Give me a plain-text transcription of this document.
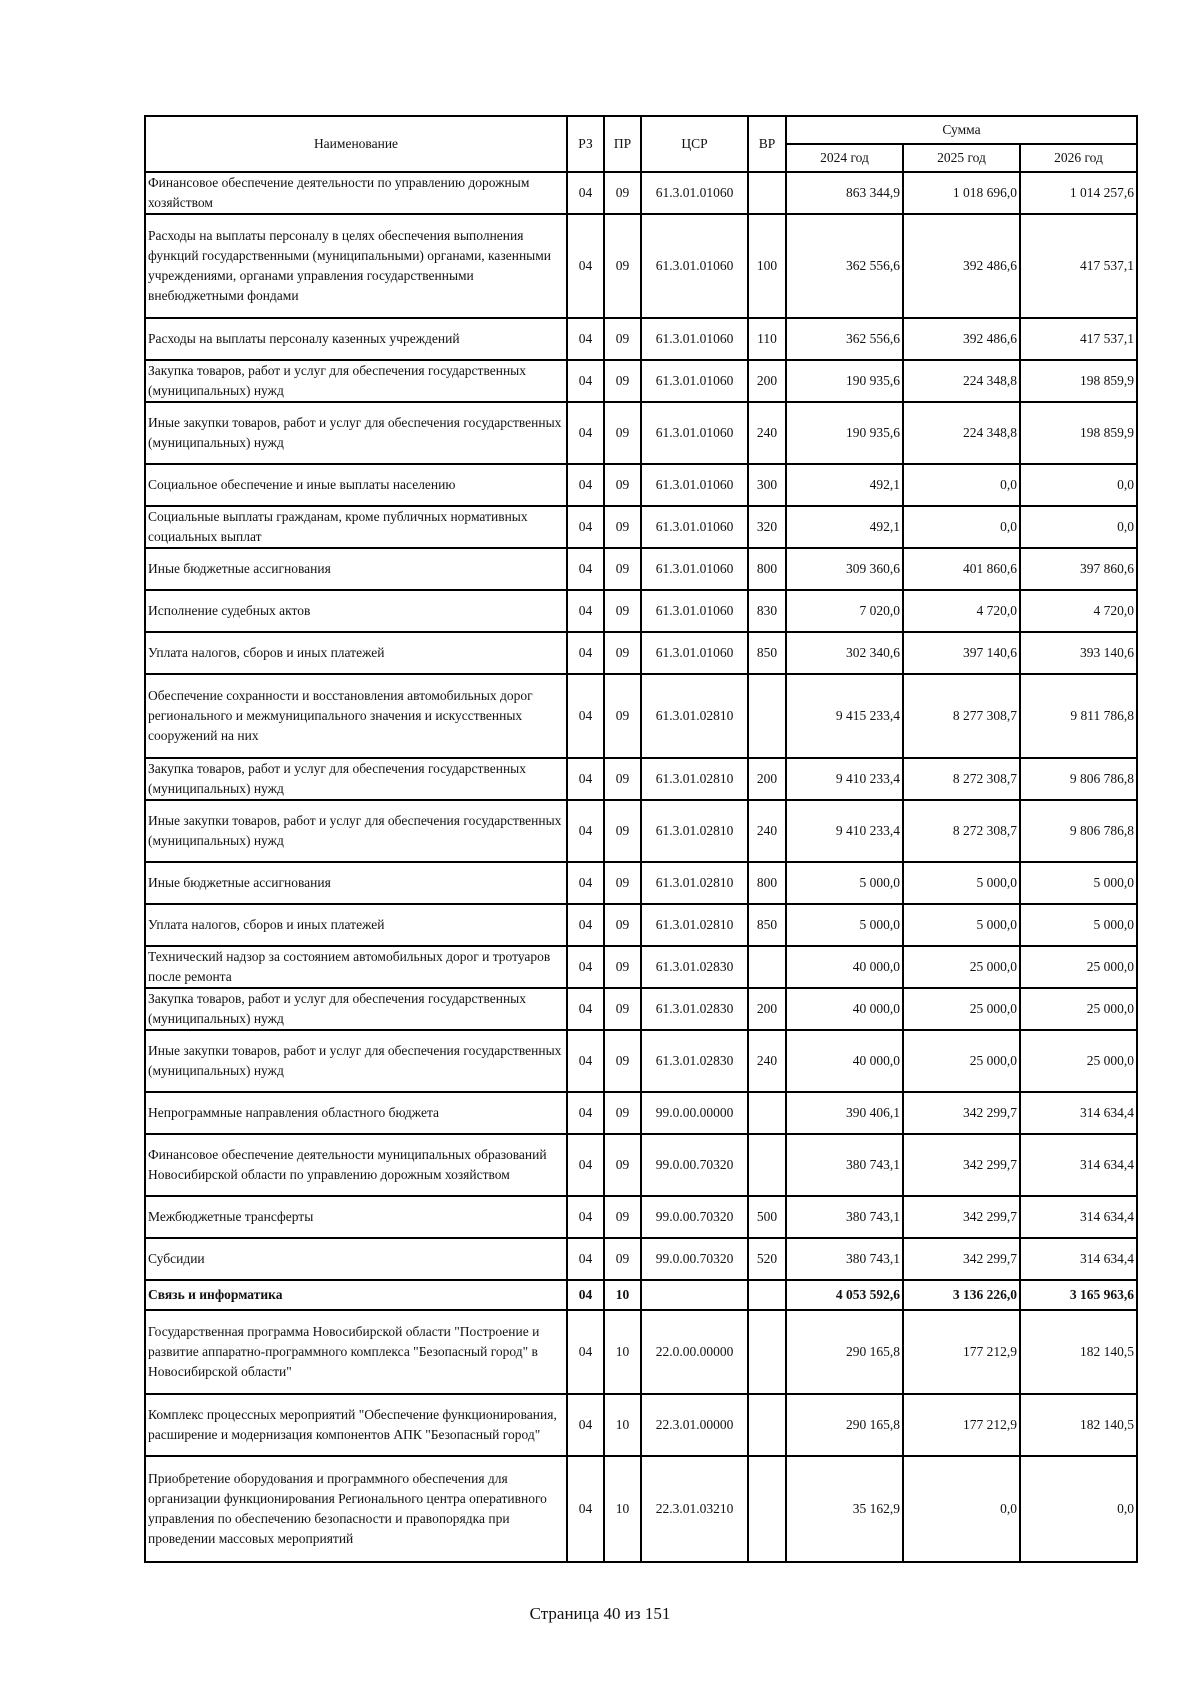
Наименование	РЗ	ПР	ЦСР	ВР	Сумма		
					2024 год	2025 год	2026 год
Финансовое обеспечение деятельности по управлению дорожным хозяйством	04	09	61.3.01.01060		863 344,9	1 018 696,0	1 014 257,6
Расходы на выплаты персоналу в целях обеспечения выполнения функций государственными (муниципальными) органами, казенными учреждениями, органами управления государственными внебюджетными фондами	04	09	61.3.01.01060	100	362 556,6	392 486,6	417 537,1
Расходы на выплаты персоналу казенных учреждений	04	09	61.3.01.01060	110	362 556,6	392 486,6	417 537,1
Закупка товаров, работ и услуг для обеспечения государственных (муниципальных) нужд	04	09	61.3.01.01060	200	190 935,6	224 348,8	198 859,9
Иные закупки товаров, работ и услуг для обеспечения государственных (муниципальных) нужд	04	09	61.3.01.01060	240	190 935,6	224 348,8	198 859,9
Социальное обеспечение и иные выплаты населению	04	09	61.3.01.01060	300	492,1	0,0	0,0
Социальные выплаты гражданам, кроме публичных нормативных социальных выплат	04	09	61.3.01.01060	320	492,1	0,0	0,0
Иные бюджетные ассигнования	04	09	61.3.01.01060	800	309 360,6	401 860,6	397 860,6
Исполнение судебных актов	04	09	61.3.01.01060	830	7 020,0	4 720,0	4 720,0
Уплата налогов, сборов и иных платежей	04	09	61.3.01.01060	850	302 340,6	397 140,6	393 140,6
Обеспечение сохранности и восстановления автомобильных дорог регионального и межмуниципального значения и искусственных сооружений на них	04	09	61.3.01.02810		9 415 233,4	8 277 308,7	9 811 786,8
Закупка товаров, работ и услуг для обеспечения государственных (муниципальных) нужд	04	09	61.3.01.02810	200	9 410 233,4	8 272 308,7	9 806 786,8
Иные закупки товаров, работ и услуг для обеспечения государственных (муниципальных) нужд	04	09	61.3.01.02810	240	9 410 233,4	8 272 308,7	9 806 786,8
Иные бюджетные ассигнования	04	09	61.3.01.02810	800	5 000,0	5 000,0	5 000,0
Уплата налогов, сборов и иных платежей	04	09	61.3.01.02810	850	5 000,0	5 000,0	5 000,0
Технический надзор за состоянием автомобильных дорог и тротуаров после ремонта	04	09	61.3.01.02830		40 000,0	25 000,0	25 000,0
Закупка товаров, работ и услуг для обеспечения государственных (муниципальных) нужд	04	09	61.3.01.02830	200	40 000,0	25 000,0	25 000,0
Иные закупки товаров, работ и услуг для обеспечения государственных (муниципальных) нужд	04	09	61.3.01.02830	240	40 000,0	25 000,0	25 000,0
Непрограммные направления областного бюджета	04	09	99.0.00.00000		390 406,1	342 299,7	314 634,4
Финансовое обеспечение деятельности муниципальных образований Новосибирской области по управлению дорожным хозяйством	04	09	99.0.00.70320		380 743,1	342 299,7	314 634,4
Межбюджетные трансферты	04	09	99.0.00.70320	500	380 743,1	342 299,7	314 634,4
Субсидии	04	09	99.0.00.70320	520	380 743,1	342 299,7	314 634,4
Связь и информатика	04	10			4 053 592,6	3 136 226,0	3 165 963,6
Государственная программа Новосибирской области "Построение и развитие аппаратно-программного комплекса "Безопасный город" в Новосибирской области"	04	10	22.0.00.00000		290 165,8	177 212,9	182 140,5
Комплекс процессных мероприятий "Обеспечение функционирования, расширение и модернизация компонентов АПК "Безопасный город"	04	10	22.3.01.00000		290 165,8	177 212,9	182 140,5
Приобретение оборудования и программного обеспечения для организации функционирования Регионального центра оперативного управления по обеспечению безопасности и правопорядка при проведении массовых мероприятий	04	10	22.3.01.03210		35 162,9	0,0	0,0
Страница 40 из 151
